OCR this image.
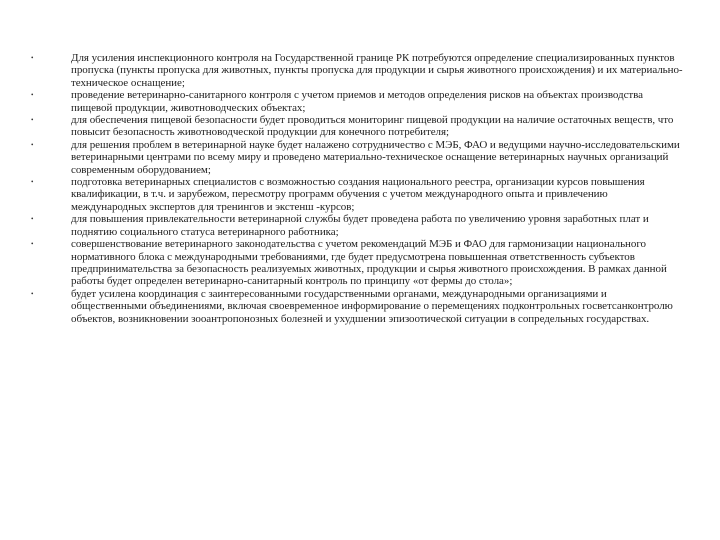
•	Для усиления инспекционного контроля на Государственной границе РК потребуются определение специализированных пунктов пропуска (пункты пропуска для животных, пункты пропуска для продукции и сырья животного происхождения) и их материально-техническое оснащение;
•	проведение ветеринарно-санитарного контроля с учетом приемов и методов определения рисков на объектах производства пищевой продукции, животноводческих объектах;
•	для обеспечения пищевой безопасности будет проводиться мониторинг пищевой продукции на наличие остаточных веществ, что повысит безопасность животноводческой продукции для конечного потребителя;
•	для решения проблем в ветеринарной науке будет налажено сотрудничество с МЭБ, ФАО и ведущими научно-исследовательскими ветеринарными центрами по всему миру и проведено материально-техническое оснащение ветеринарных научных организаций современным оборудованием;
•	подготовка ветеринарных специалистов с возможностью создания национального реестра, организации курсов повышения квалификации, в т.ч. и зарубежом, пересмотру программ обучения с учетом международного опыта и привлечению международных экспертов для тренингов и экстенш -курсов;
•	для повышения привлекательности ветеринарной службы будет проведена работа по увеличению уровня заработных плат и поднятию социального статуса ветеринарного работника;
•	совершенствование ветеринарного законодательства с учетом рекомендаций МЭБ и ФАО для гармонизации национального нормативного блока с международными требованиями, где будет предусмотрена повышенная ответственность субъектов предпринимательства за безопасность реализуемых животных, продукции и сырья животного происхождения. В рамках данной работы будет определен ветеринарно-санитарный контроль по принципу «от фермы до стола»;
•	будет усилена координация с заинтересованными государственными органами, международными организациями и общественными объединениями, включая своевременное информирование о перемещениях подконтрольных госветсанконтролю объектов, возникновении зооантропонозных болезней и ухудшении эпизоотической ситуации в сопредельных государствах.
